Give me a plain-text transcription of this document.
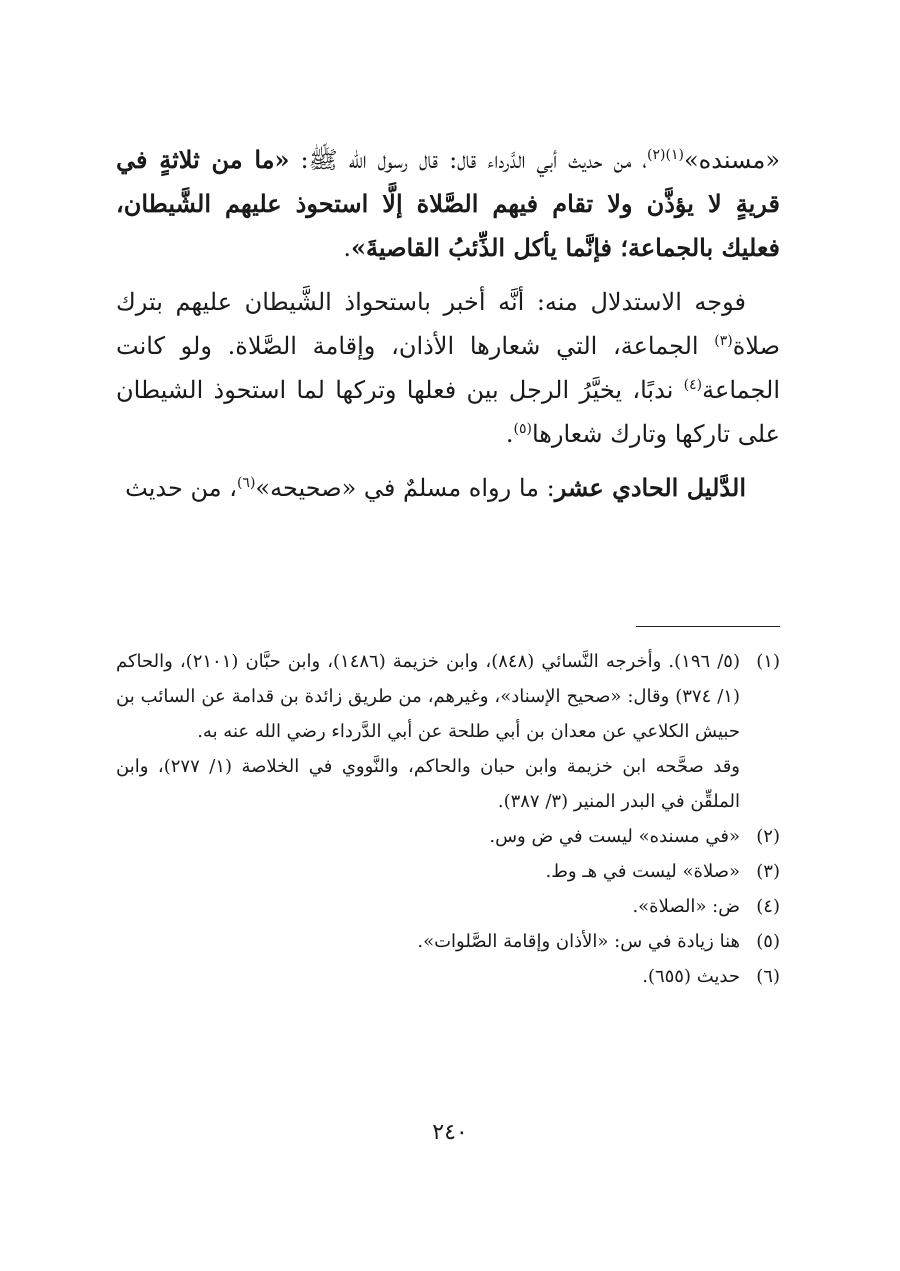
«مسنده»$^{(١)(٢)}$، من حديث أبي الدَّرداء قال: قال رسول الله ﷺ: «ما من ثلاثةٍ في قريةٍ لا يؤذَّن ولا تقام فيهم الصَّلاة إلَّا استحوذ عليهم الشَّيطان، فعليك بالجماعة؛ فإنَّما يأكل الذِّئبُ القاصيةَ».

فوجه الاستدلال منه: أنَّه أخبر باستحواذ الشَّيطان عليهم بترك صلاة$^{(٣)}$ الجماعة، التي شعارها الأذان، وإقامة الصَّلاة. ولو كانت الجماعة$^{(٤)}$ ندبًا، يخيَّرُ الرجل بين فعلها وتركها لما استحوذ الشيطان على تاركها وتارك شعارها$^{(٥)}$.

الدَّليل الحادي عشر: ما رواه مسلمٌ في «صحيحه»$^{(٦)}$، من حديث

(١)
(٥/ ١٩٦). وأخرجه النَّسائي (٨٤٨)، وابن خزيمة (١٤٨٦)، وابن حبَّان (٢١٠١)، والحاكم (١/ ٣٧٤) وقال: «صحيح الإسناد»، وغيرهم، من طريق زائدة بن قدامة عن السائب بن حبيش الكلاعي عن معدان بن أبي طلحة عن أبي الدَّرداء رضي الله عنه به.
وقد صحَّحه ابن خزيمة وابن حبان والحاكم، والنَّووي في الخلاصة (١/ ٢٧٧)، وابن الملقِّن في البدر المنير (٣/ ٣٨٧).
(٢)
«في مسنده» ليست في ض وس.
(٣)
«صلاة» ليست في هـ وط.
(٤)
ض: «الصلاة».
(٥)
هنا زيادة في س: «الأذان وإقامة الصَّلوات».
(٦)
حديث (٦٥٥).
٢٤٠
